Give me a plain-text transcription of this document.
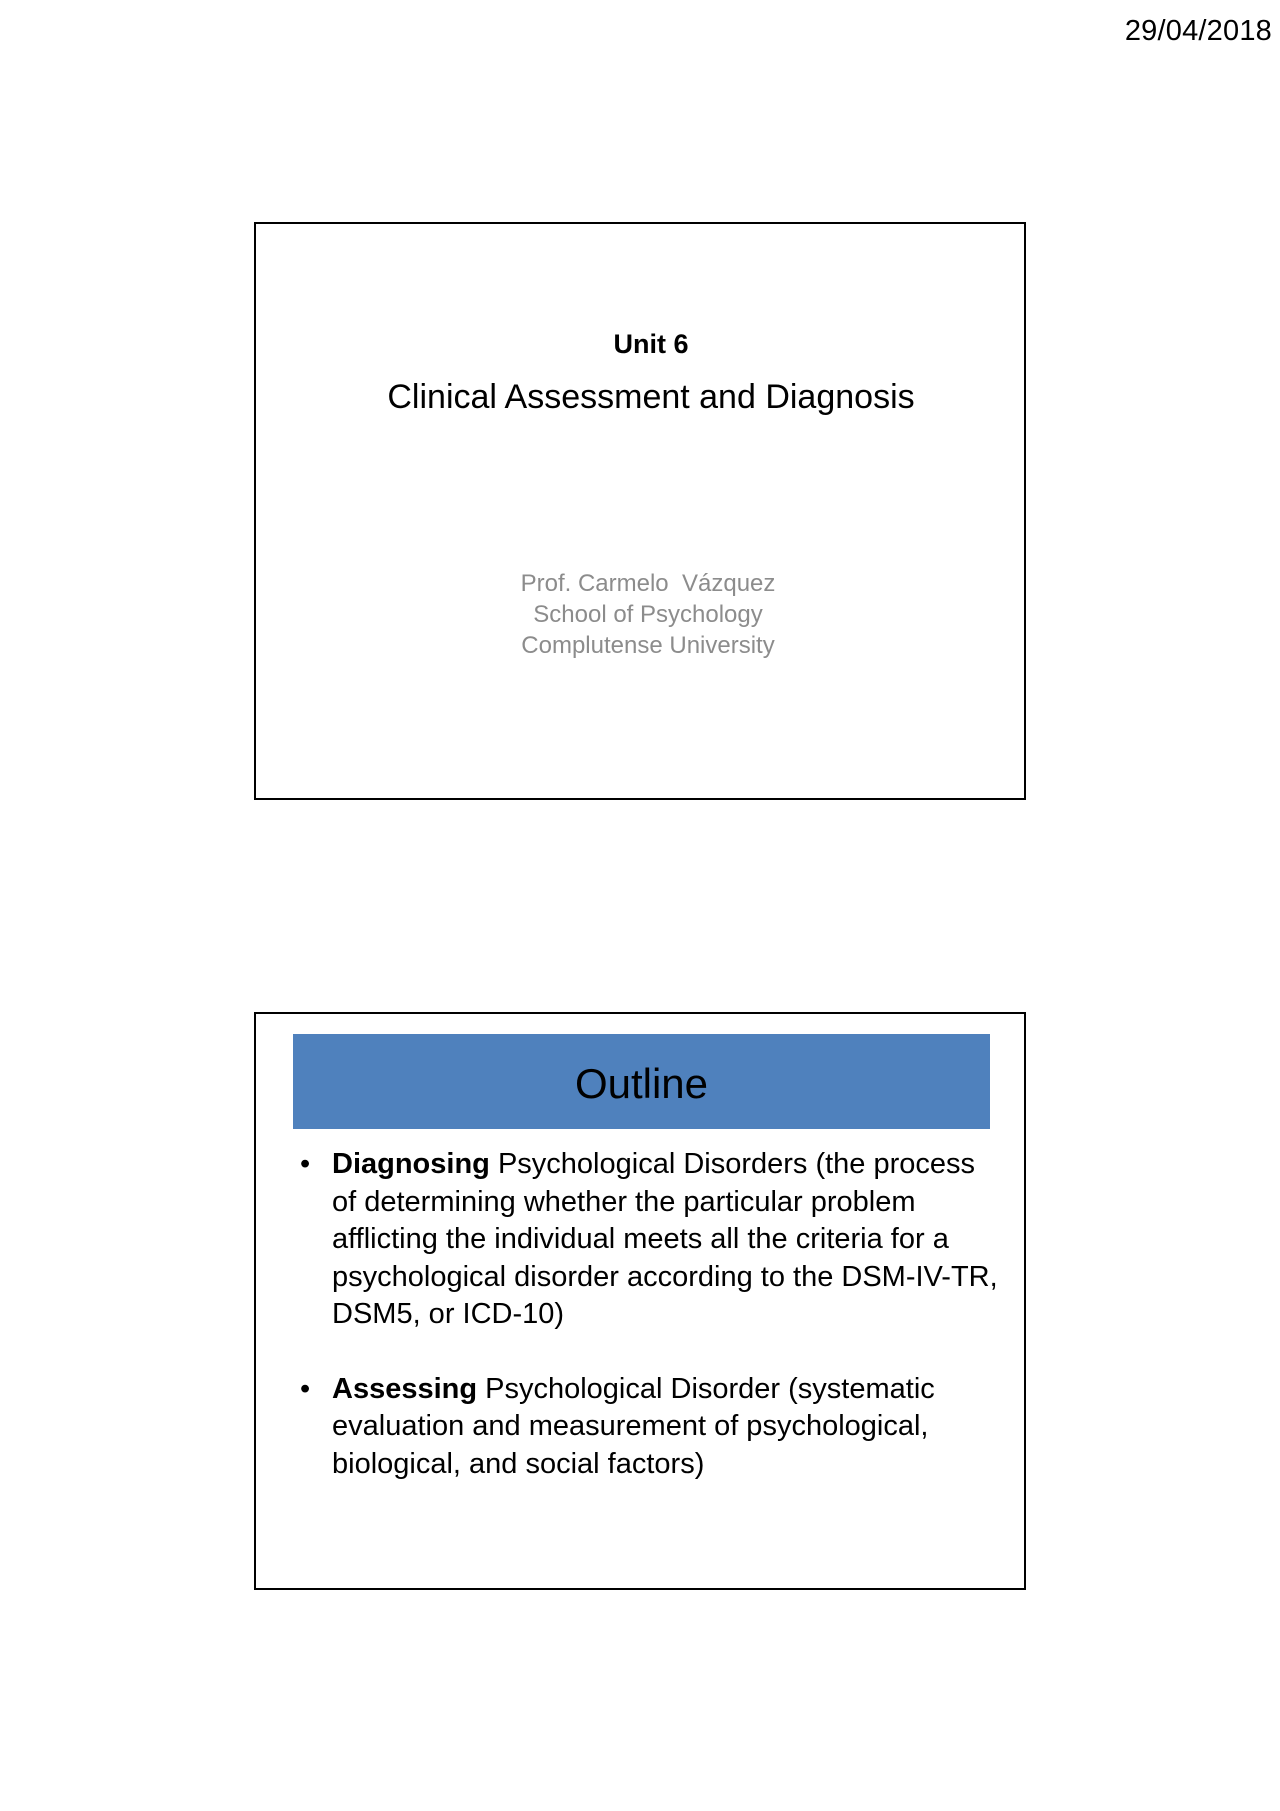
29/04/2018
Unit 6
Clinical Assessment and Diagnosis
Prof. Carmelo  Vázquez
School of Psychology
Complutense University
Outline
• Diagnosing Psychological Disorders (the process of determining whether the particular problem afflicting the individual meets all the criteria for a psychological disorder according to the DSM-IV-TR, DSM5, or ICD-10)
• Assessing Psychological Disorder (systematic evaluation and measurement of psychological, biological, and social factors)
